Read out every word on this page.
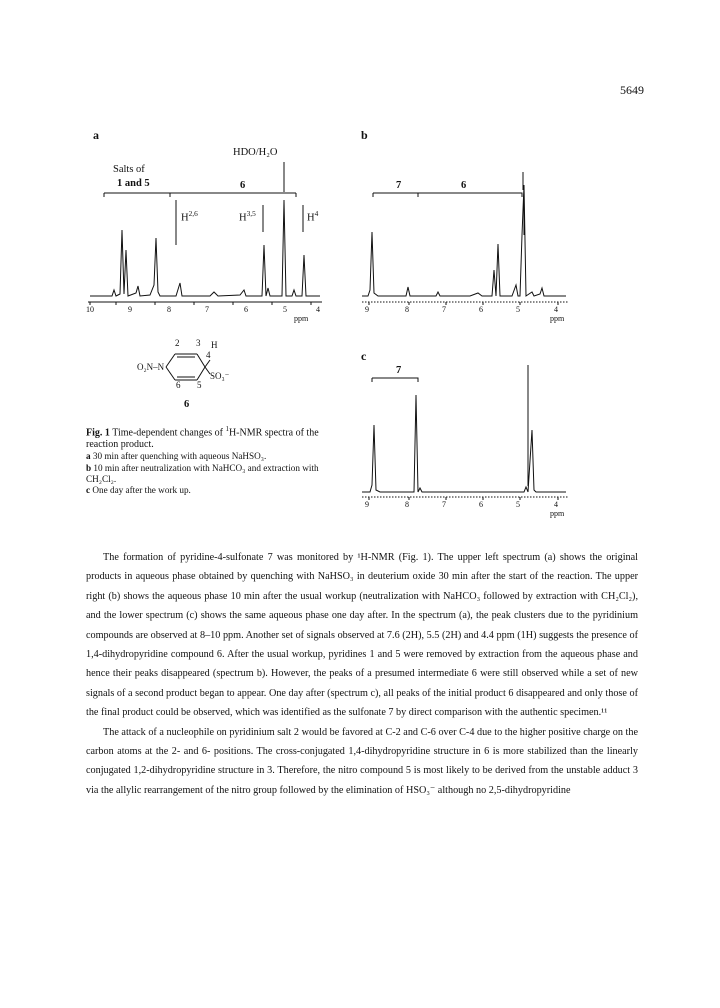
5649
a
HDO/H₂O
Salts of
1 and 5	6
H$^{2,6}$	H$^{3,5}$	$H^4$
10	9	8	7	6	5	4
ppm
b
7	6
9	8	7	6	5	4
ppm
c
7
9	8	7	6	5	4
ppm
2 3
4
5
6
H
O₂N–N
SO₃⁻
6
Fig. 1 Time-dependent changes of $^1$H-NMR spectra of the reaction product.
a 30 min after quenching with aqueous NaHSO₃.
b 10 min after neutralization with NaHCO₃ and extraction with CH₂Cl₂.
c One day after the work up.

The formation of pyridine-4-sulfonate 7 was monitored by ¹H-NMR (Fig. 1). The upper left spectrum (a) shows the original products in aqueous phase obtained by quenching with NaHSO₃ in deuterium oxide 30 min after the start of the reaction. The upper right (b) shows the aqueous phase 10 min after the usual workup (neutralization with NaHCO₃ followed by extraction with CH₂Cl₂), and the lower spectrum (c) shows the same aqueous phase one day after. In the spectrum (a), the peak clusters due to the pyridinium compounds are observed at 8–10 ppm. Another set of signals observed at 7.6 (2H), 5.5 (2H) and 4.4 ppm (1H) suggests the presence of 1,4-dihydropyridine compound 6. After the usual workup, pyridines 1 and 5 were removed by extraction from the aqueous phase and hence their peaks disappeared (spectrum b). However, the peaks of a presumed intermediate 6 were still observed while a set of new signals of a second product began to appear. One day after (spectrum c), all peaks of the initial product 6 disappeared and only those of the final product could be observed, which was identified as the sulfonate 7 by direct comparison with the authentic specimen.¹¹

The attack of a nucleophile on pyridinium salt 2 would be favored at C-2 and C-6 over C-4 due to the higher positive charge on the carbon atoms at the 2- and 6- positions. The cross-conjugated 1,4-dihydropyridine structure in 6 is more stabilized than the linearly conjugated 1,2-dihydropyridine structure in 3. Therefore, the nitro compound 5 is most likely to be derived from the unstable adduct 3 via the allylic rearrangement of the nitro group followed by the elimination of HSO₃⁻ although no 2,5-dihydropyridine
